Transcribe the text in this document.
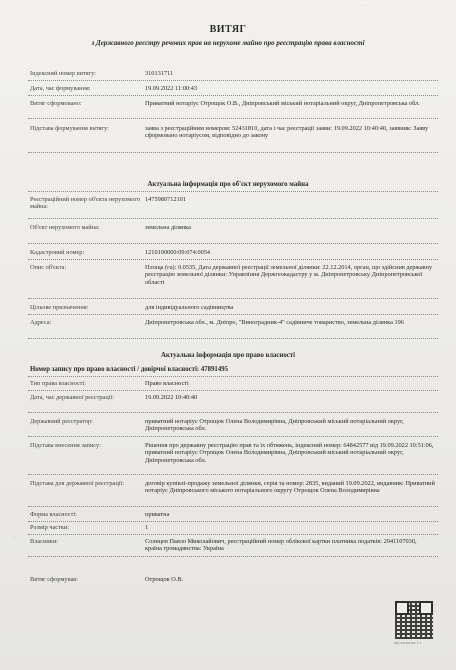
· ·
ВИТЯГ
з Державного реєстру речових прав на нерухоме майно про реєстрацію права власності
Індексний номер витягу:	310131711
Дата, час формування:	19.09.2022 11:00:43
Витяг сформовано:	Приватний нотаріус Отрощок О.В., Дніпровський міський нотаріальний округ, Дніпропетровська обл.
Підстава формування витягу:	заява з реєстраційним номером: 52431810, дата і час реєстрації заяви: 19.09.2022 10:40:40, заявник: Заяву сформовано нотаріусом, відповідно до закону
Актуальна інформація про об'єкт нерухомого майна
Реєстраційний номер об'єкта нерухомого майна:
1475980712101
Об'єкт нерухомого майна:	земельна ділянка
Кадастровий номер:	1210100000:09:074:0054
Опис об'єкта:	Площа (га): 0.0535, Дата державної реєстрації земельної ділянки: 22.12.2014, орган, що здійснив державну реєстрацію земельної ділянки: Управління Держгеокадастру у м. Дніпропетровську Дніпропетровської області
Цільове призначення:	для індивідуального садівництва
Адреса:	Дніпропетровська обл., м. Дніпро, "Виноградник-4" садівниче товариство, земельна ділянка 196
Актуальна інформація про право власності
Номер запису про право власності / довірчої власності: 47891495
Тип права власності:	Право власності
Дата, час державної реєстрації:	19.09.2022 10:40:40
Державний реєстратор:	приватний нотаріус Отрощок Олена Володимирівна, Дніпровський міський нотаріальний округ, Дніпропетровська обл.
Підстава внесення запису:	Рішення про державну реєстрацію прав та їх обтяжень, індексний номер: 64842577 від 19.09.2022 10:51:06, приватний нотаріус Отрощок Олена Володимирівна, Дніпровський міський нотаріальний округ, Дніпропетровська обл.
Підстава для державної реєстрації:	договір купівлі-продажу земельної ділянки, серія та номер: 2835, виданий 19.09.2022, видавник: Приватний нотаріус Дніпровського міського нотаріального округу Отрощок Олена Володимирівна
Форма власності:	приватна
Розмір частки:	1
· Власники:	Солнцев Павло Миколайович, реєстраційний номер облікової картки платника податків: 2941107030, країна громадянства: Україна
Витяг сформував:	Отрощок О.В.
#01-XXXXXX-7.1
